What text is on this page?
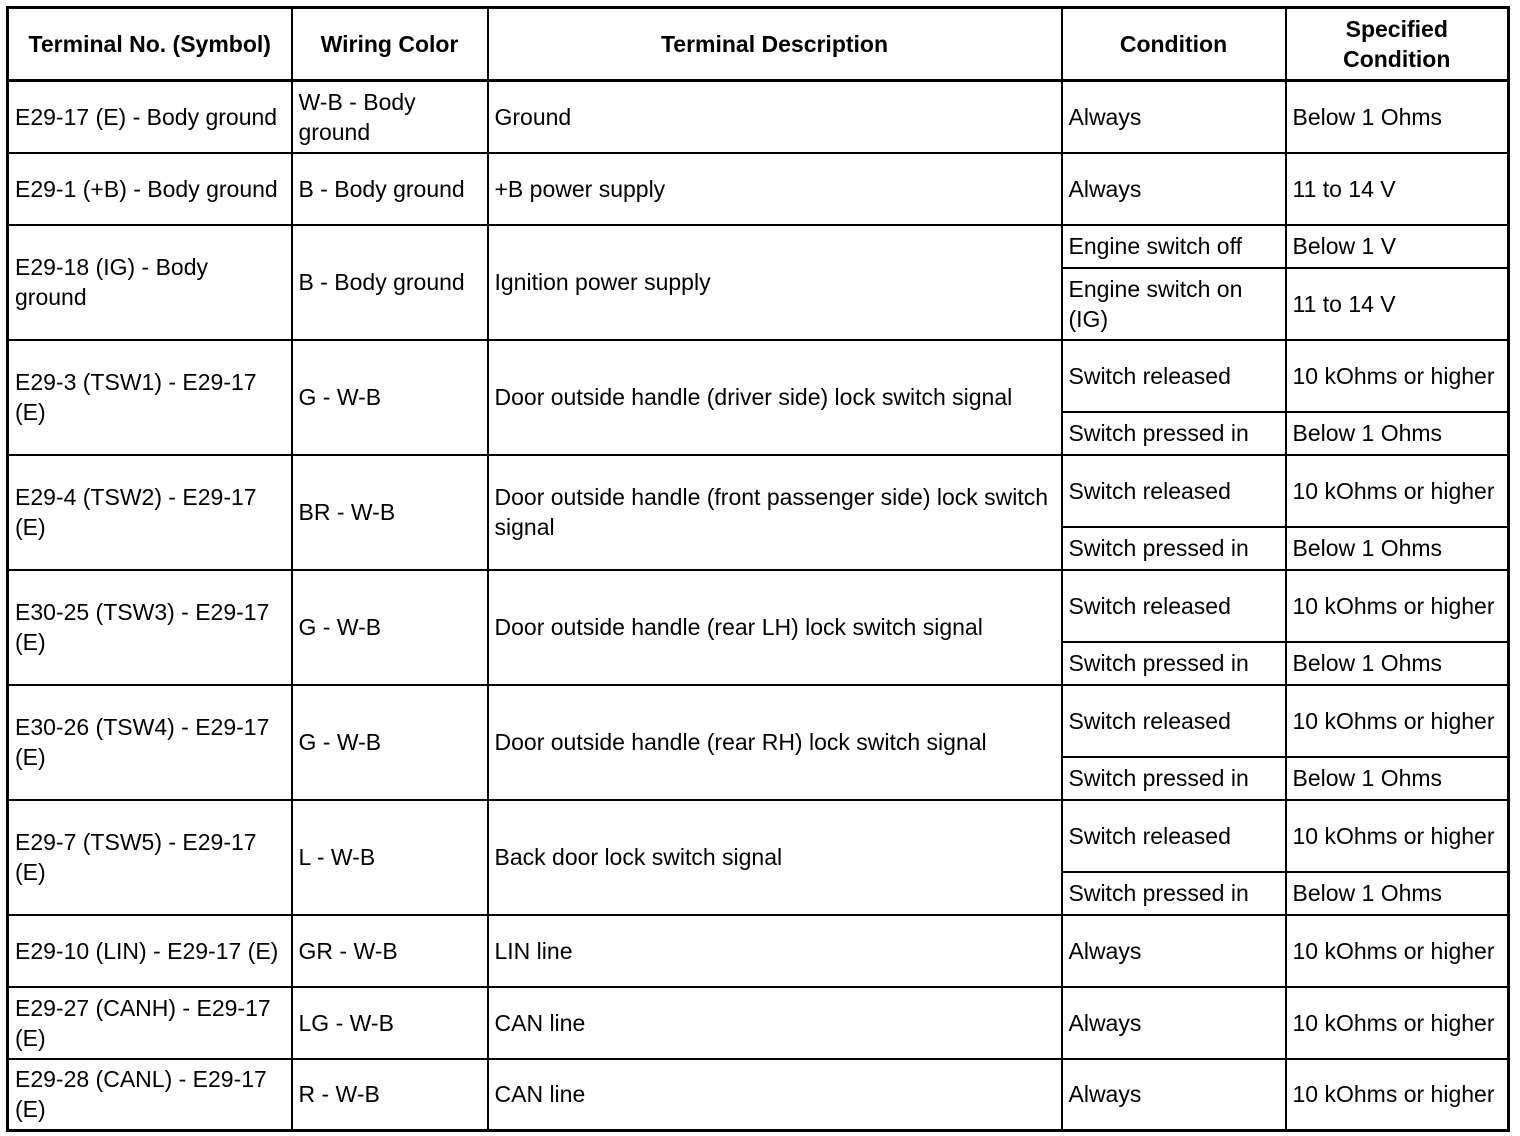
Terminal No. (Symbol)	Wiring Color	Terminal Description	Condition	Specified Condition
E29-17 (E) - Body ground	W-B - Body ground	Ground	Always	Below 1 Ohms
E29-1 (+B) - Body ground	B - Body ground	+B power supply	Always	11 to 14 V
E29-18 (IG) - Body ground	B - Body ground	Ignition power supply	Engine switch off	Below 1 V
			Engine switch on (IG)	11 to 14 V
E29-3 (TSW1) - E29-17 (E)	G - W-B	Door outside handle (driver side) lock switch signal	Switch released	10 kOhms or higher
			Switch pressed in	Below 1 Ohms
E29-4 (TSW2) - E29-17 (E)	BR - W-B	Door outside handle (front passenger side) lock switch signal	Switch released	10 kOhms or higher
			Switch pressed in	Below 1 Ohms
E30-25 (TSW3) - E29-17 (E)	G - W-B	Door outside handle (rear LH) lock switch signal	Switch released	10 kOhms or higher
			Switch pressed in	Below 1 Ohms
E30-26 (TSW4) - E29-17 (E)	G - W-B	Door outside handle (rear RH) lock switch signal	Switch released	10 kOhms or higher
			Switch pressed in	Below 1 Ohms
E29-7 (TSW5) - E29-17 (E)	L - W-B	Back door lock switch signal	Switch released	10 kOhms or higher
			Switch pressed in	Below 1 Ohms
E29-10 (LIN) - E29-17 (E)	GR - W-B	LIN line	Always	10 kOhms or higher
E29-27 (CANH) - E29-17 (E)	LG - W-B	CAN line	Always	10 kOhms or higher
E29-28 (CANL) - E29-17 (E)	R - W-B	CAN line	Always	10 kOhms or higher
